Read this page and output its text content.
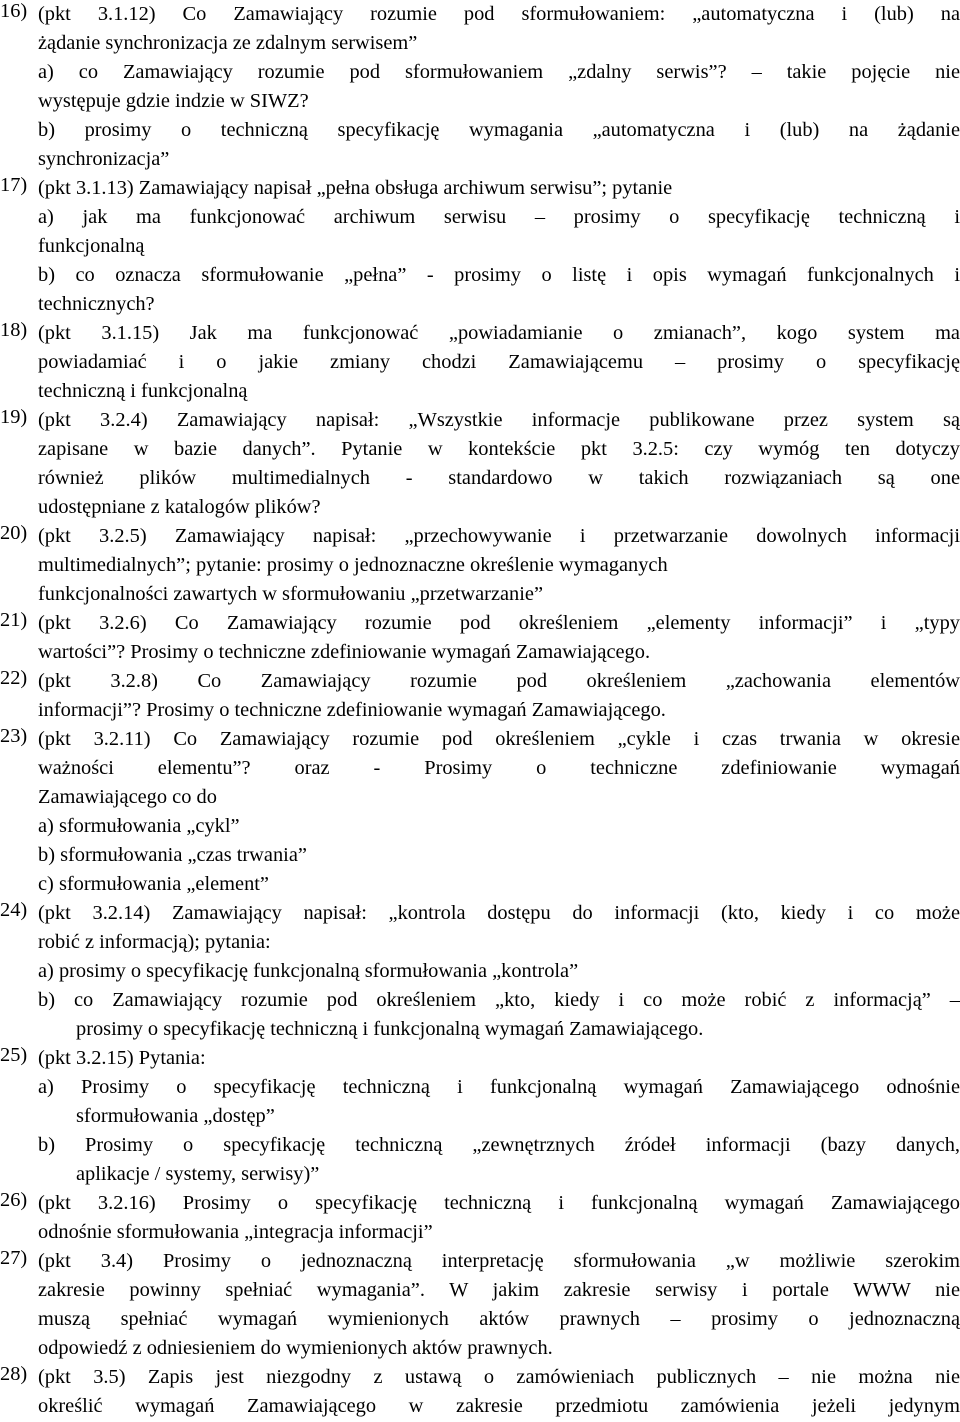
16) (pkt 3.1.12) Co Zamawiający rozumie pod sformułowaniem: „automatyczna i (lub) na
żądanie synchronizacja ze zdalnym serwisem”
a) co Zamawiający rozumie pod sformułowaniem „zdalny serwis”? – takie pojęcie nie
występuje gdzie indzie w SIWZ?
b) prosimy o techniczną specyfikację wymagania „automatyczna i (lub) na żądanie
synchronizacja”
17) (pkt 3.1.13) Zamawiający napisał „pełna obsługa archiwum serwisu”; pytanie
a) jak ma funkcjonować archiwum serwisu – prosimy o specyfikację techniczną i
funkcjonalną
b) co oznacza sformułowanie „pełna” - prosimy o listę i opis wymagań funkcjonalnych i
technicznych?
18) (pkt 3.1.15) Jak ma funkcjonować „powiadamianie o zmianach”, kogo system ma
powiadamiać i o jakie zmiany chodzi Zamawiającemu – prosimy o specyfikację
techniczną i funkcjonalną
19) (pkt 3.2.4) Zamawiający napisał: „Wszystkie informacje publikowane przez system są
zapisane w bazie danych”. Pytanie w kontekście pkt 3.2.5: czy wymóg ten dotyczy
również plików multimedialnych - standardowo w takich rozwiązaniach są one
udostępniane z katalogów plików?
20) (pkt 3.2.5) Zamawiający napisał: „przechowywanie i przetwarzanie dowolnych informacji
multimedialnych”; pytanie: prosimy o jednoznaczne określenie wymaganych
funkcjonalności zawartych w sformułowaniu „przetwarzanie”
21) (pkt 3.2.6) Co Zamawiający rozumie pod określeniem „elementy informacji” i „typy
wartości”? Prosimy o techniczne zdefiniowanie wymagań Zamawiającego.
22) (pkt 3.2.8) Co Zamawiający rozumie pod określeniem „zachowania elementów
informacji”? Prosimy o techniczne zdefiniowanie wymagań Zamawiającego.
23) (pkt 3.2.11) Co Zamawiający rozumie pod określeniem „cykle i czas trwania w okresie
ważności elementu”? oraz - Prosimy o techniczne zdefiniowanie wymagań
Zamawiającego co do
a) sformułowania „cykl”
b) sformułowania „czas trwania”
c) sformułowania „element”
24) (pkt 3.2.14) Zamawiający napisał: „kontrola dostępu do informacji (kto, kiedy i co może
robić z informacją); pytania:
a) prosimy o specyfikację funkcjonalną sformułowania „kontrola”
b) co Zamawiający rozumie pod określeniem „kto, kiedy i co może robić z informacją” –
prosimy o specyfikację techniczną i funkcjonalną wymagań Zamawiającego.
25) (pkt 3.2.15) Pytania:
a) Prosimy o specyfikację techniczną i funkcjonalną wymagań Zamawiającego odnośnie
sformułowania „dostęp”
b) Prosimy o specyfikację techniczną „zewnętrznych źródeł informacji (bazy danych,
aplikacje / systemy, serwisy)”
26) (pkt 3.2.16) Prosimy o specyfikację techniczną i funkcjonalną wymagań Zamawiającego
odnośnie sformułowania „integracja informacji”
27) (pkt 3.4) Prosimy o jednoznaczną interpretację sformułowania „w możliwie szerokim
zakresie powinny spełniać wymagania”. W jakim zakresie serwisy i portale WWW nie
muszą spełniać wymagań wymienionych aktów prawnych – prosimy o jednoznaczną
odpowiedź z odniesieniem do wymienionych aktów prawnych.
28) (pkt 3.5) Zapis jest niezgodny z ustawą o zamówieniach publicznych – nie można nie
określić wymagań Zamawiającego w zakresie przedmiotu zamówienia jeżeli jedynym
